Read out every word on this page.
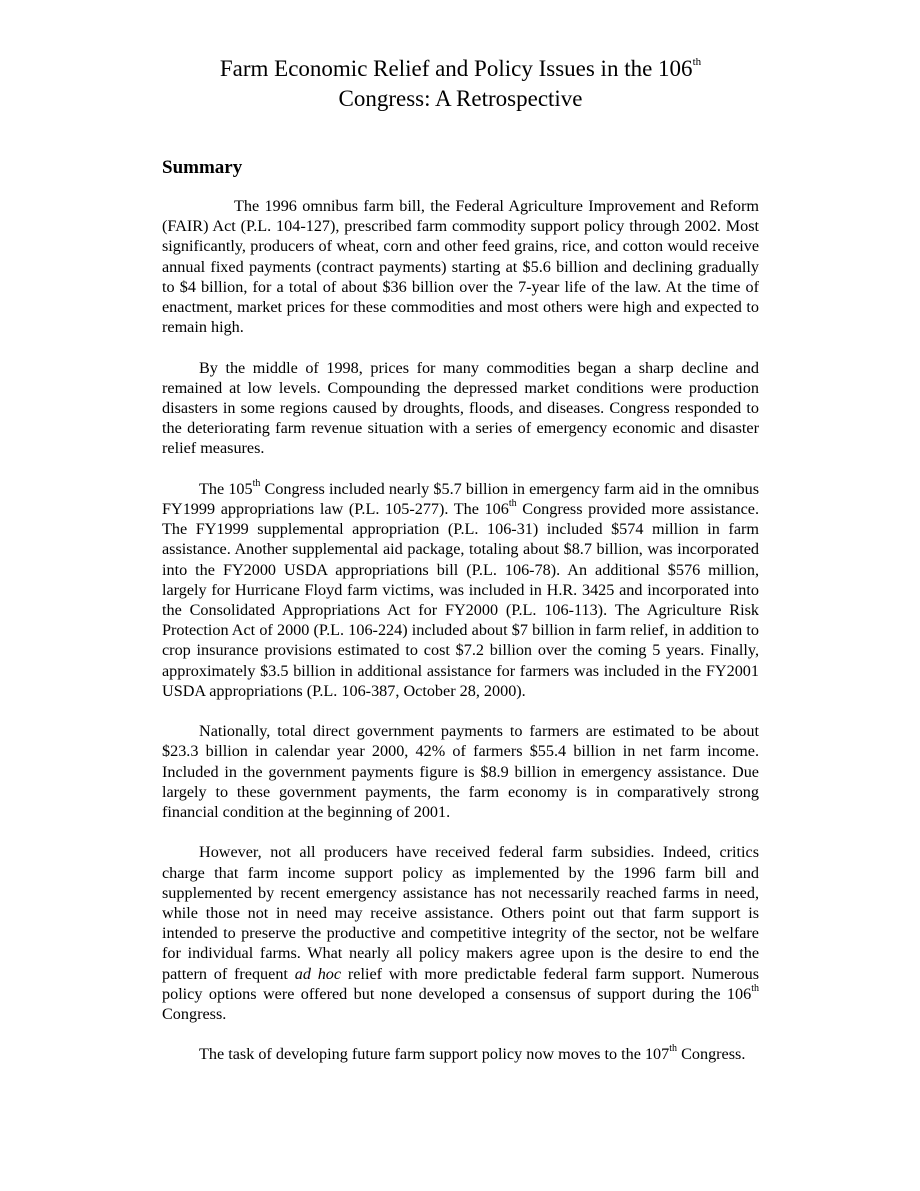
Farm Economic Relief and Policy Issues in the 106th
Congress: A Retrospective
Summary

The 1996 omnibus farm bill, the Federal Agriculture Improvement and Reform (FAIR) Act (P.L. 104-127), prescribed farm commodity support policy through 2002. Most significantly, producers of wheat, corn and other feed grains, rice, and cotton would receive annual fixed payments (contract payments) starting at $5.6 billion and declining gradually to $4 billion, for a total of about $36 billion over the 7-year life of the law. At the time of enactment, market prices for these commodities and most others were high and expected to remain high.

By the middle of 1998, prices for many commodities began a sharp decline and remained at low levels. Compounding the depressed market conditions were production disasters in some regions caused by droughts, floods, and diseases. Congress responded to the deteriorating farm revenue situation with a series of emergency economic and disaster relief measures.

The 105th Congress included nearly $5.7 billion in emergency farm aid in the omnibus FY1999 appropriations law (P.L. 105-277). The 106th Congress provided more assistance. The FY1999 supplemental appropriation (P.L. 106-31) included $574 million in farm assistance. Another supplemental aid package, totaling about $8.7 billion, was incorporated into the FY2000 USDA appropriations bill (P.L. 106-78). An additional $576 million, largely for Hurricane Floyd farm victims, was included in H.R. 3425 and incorporated into the Consolidated Appropriations Act for FY2000 (P.L. 106-113). The Agriculture Risk Protection Act of 2000 (P.L. 106-224) included about $7 billion in farm relief, in addition to crop insurance provisions estimated to cost $7.2 billion over the coming 5 years. Finally, approximately $3.5 billion in additional assistance for farmers was included in the FY2001 USDA appropriations (P.L. 106-387, October 28, 2000).

Nationally, total direct government payments to farmers are estimated to be about $23.3 billion in calendar year 2000, 42% of farmers $55.4 billion in net farm income. Included in the government payments figure is $8.9 billion in emergency assistance. Due largely to these government payments, the farm economy is in comparatively strong financial condition at the beginning of 2001.

However, not all producers have received federal farm subsidies. Indeed, critics charge that farm income support policy as implemented by the 1996 farm bill and supplemented by recent emergency assistance has not necessarily reached farms in need, while those not in need may receive assistance. Others point out that farm support is intended to preserve the productive and competitive integrity of the sector, not be welfare for individual farms. What nearly all policy makers agree upon is the desire to end the pattern of frequent ad hoc relief with more predictable federal farm support. Numerous policy options were offered but none developed a consensus of support during the 106th Congress.

The task of developing future farm support policy now moves to the 107th Congress.
